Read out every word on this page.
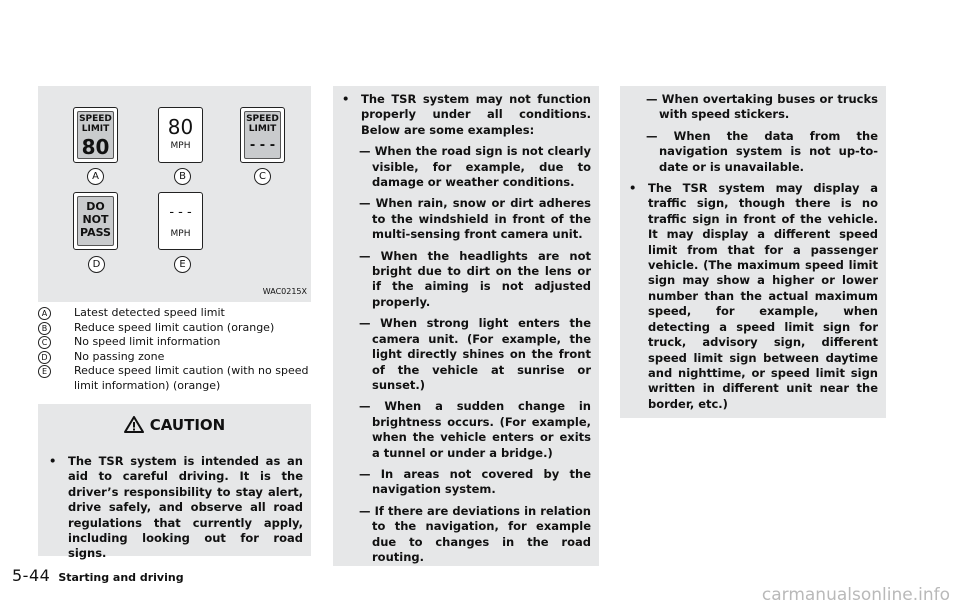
SPEED
LIMIT
80
A
80
MPH
B
SPEED
LIMIT
- - -
C
DO
NOT
PASS
D
- - -
MPH
E
WAC0215X
A	Latest detected speed limit
B	Reduce speed limit caution (orange)
C	No speed limit information
D	No passing zone
E	Reduce speed limit caution (with no speed limit information) (orange)
CAUTION

• The TSR system is intended as an aid to careful driving. It is the driver’s responsibility to stay alert, drive safely, and observe all road regulations that currently apply, including looking out for road signs.

• The TSR system may not function properly under all conditions. Below are some examples:

— When the road sign is not clearly visible, for example, due to damage or weather conditions.

— When rain, snow or dirt adheres to the windshield in front of the multi-sensing front camera unit.

— When the headlights are not bright due to dirt on the lens or if the aiming is not adjusted properly.

— When strong light enters the camera unit. (For example, the light directly shines on the front of the vehicle at sunrise or sunset.)

— When a sudden change in brightness occurs. (For example, when the vehicle enters or exits a tunnel or under a bridge.)

— In areas not covered by the navigation system.

— If there are deviations in relation to the navigation, for example due to changes in the road routing.

— When overtaking buses or trucks with speed stickers.

— When the data from the navigation system is not up-to-date or is unavailable.

• The TSR system may display a traffic sign, though there is no traffic sign in front of the vehicle. It may display a different speed limit from that for a passenger vehicle. (The maximum speed limit sign may show a higher or lower number than the actual maximum speed, for example, when detecting a speed limit sign for truck, advisory sign, different speed limit sign between daytime and nighttime, or speed limit sign written in different unit near the border, etc.)

5-44 Starting and driving
carmanualsonline.info
